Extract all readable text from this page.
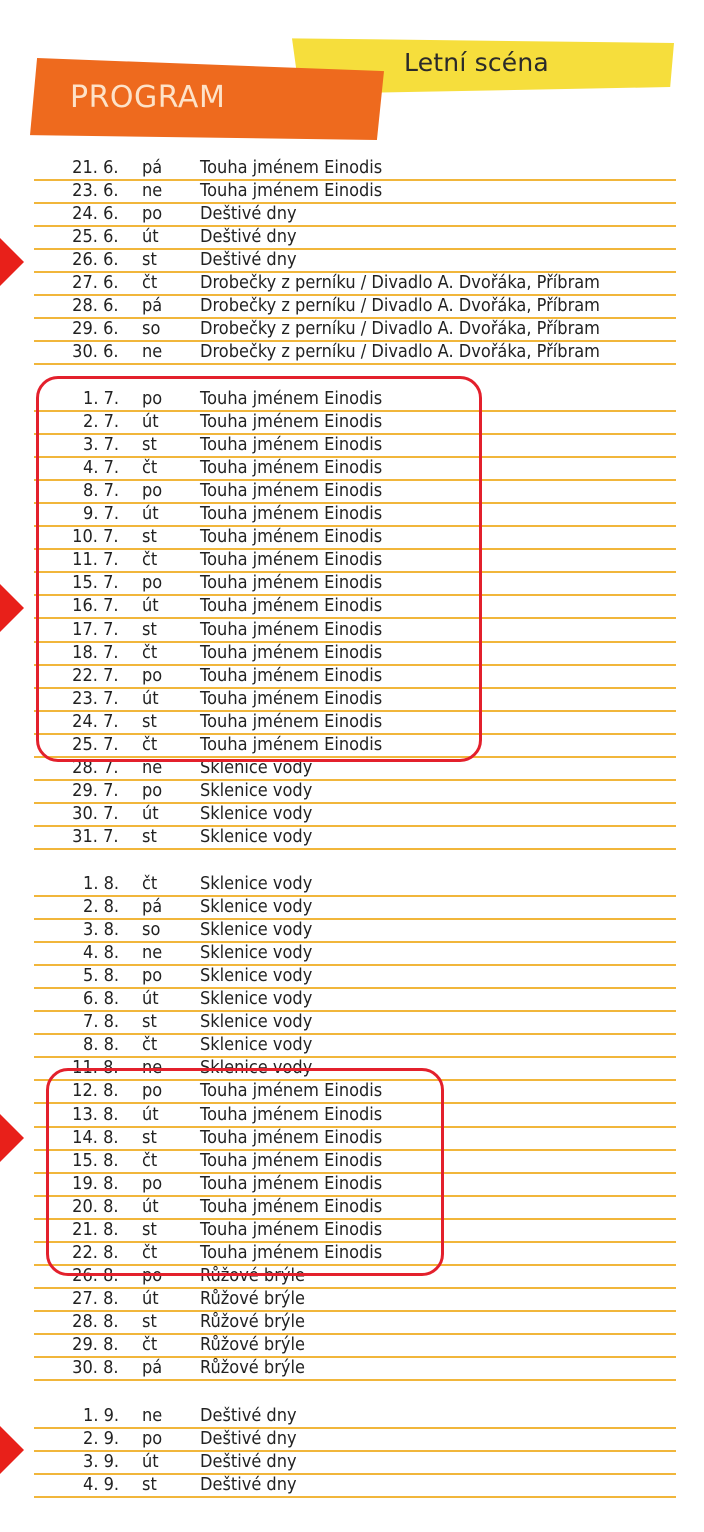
Letní scéna
PROGRAM
21. 6. pá Touha jménem Einodis
23. 6. ne Touha jménem Einodis
24. 6. po Deštivé dny
25. 6. út Deštivé dny
26. 6. st Deštivé dny
27. 6. čt Drobečky z perníku / Divadlo A. Dvořáka, Příbram
28. 6. pá Drobečky z perníku / Divadlo A. Dvořáka, Příbram
29. 6. so Drobečky z perníku / Divadlo A. Dvořáka, Příbram
30. 6. ne Drobečky z perníku / Divadlo A. Dvořáka, Příbram
1. 7. po Touha jménem Einodis
2. 7. út Touha jménem Einodis
3. 7. st Touha jménem Einodis
4. 7. čt Touha jménem Einodis
8. 7. po Touha jménem Einodis
9. 7. út Touha jménem Einodis
10. 7. st Touha jménem Einodis
11. 7. čt Touha jménem Einodis
15. 7. po Touha jménem Einodis
16. 7. út Touha jménem Einodis
17. 7. st Touha jménem Einodis
18. 7. čt Touha jménem Einodis
22. 7. po Touha jménem Einodis
23. 7. út Touha jménem Einodis
24. 7. st Touha jménem Einodis
25. 7. čt Touha jménem Einodis
28. 7. ne Sklenice vody
29. 7. po Sklenice vody
30. 7. út Sklenice vody
31. 7. st Sklenice vody
1. 8. čt Sklenice vody
2. 8. pá Sklenice vody
3. 8. so Sklenice vody
4. 8. ne Sklenice vody
5. 8. po Sklenice vody
6. 8. út Sklenice vody
7. 8. st Sklenice vody
8. 8. čt Sklenice vody
11. 8. ne Sklenice vody
12. 8. po Touha jménem Einodis
13. 8. út Touha jménem Einodis
14. 8. st Touha jménem Einodis
15. 8. čt Touha jménem Einodis
19. 8. po Touha jménem Einodis
20. 8. út Touha jménem Einodis
21. 8. st Touha jménem Einodis
22. 8. čt Touha jménem Einodis
26. 8. po Růžové brýle
27. 8. út Růžové brýle
28. 8. st Růžové brýle
29. 8. čt Růžové brýle
30. 8. pá Růžové brýle
1. 9. ne Deštivé dny
2. 9. po Deštivé dny
3. 9. út Deštivé dny
4. 9. st Deštivé dny
